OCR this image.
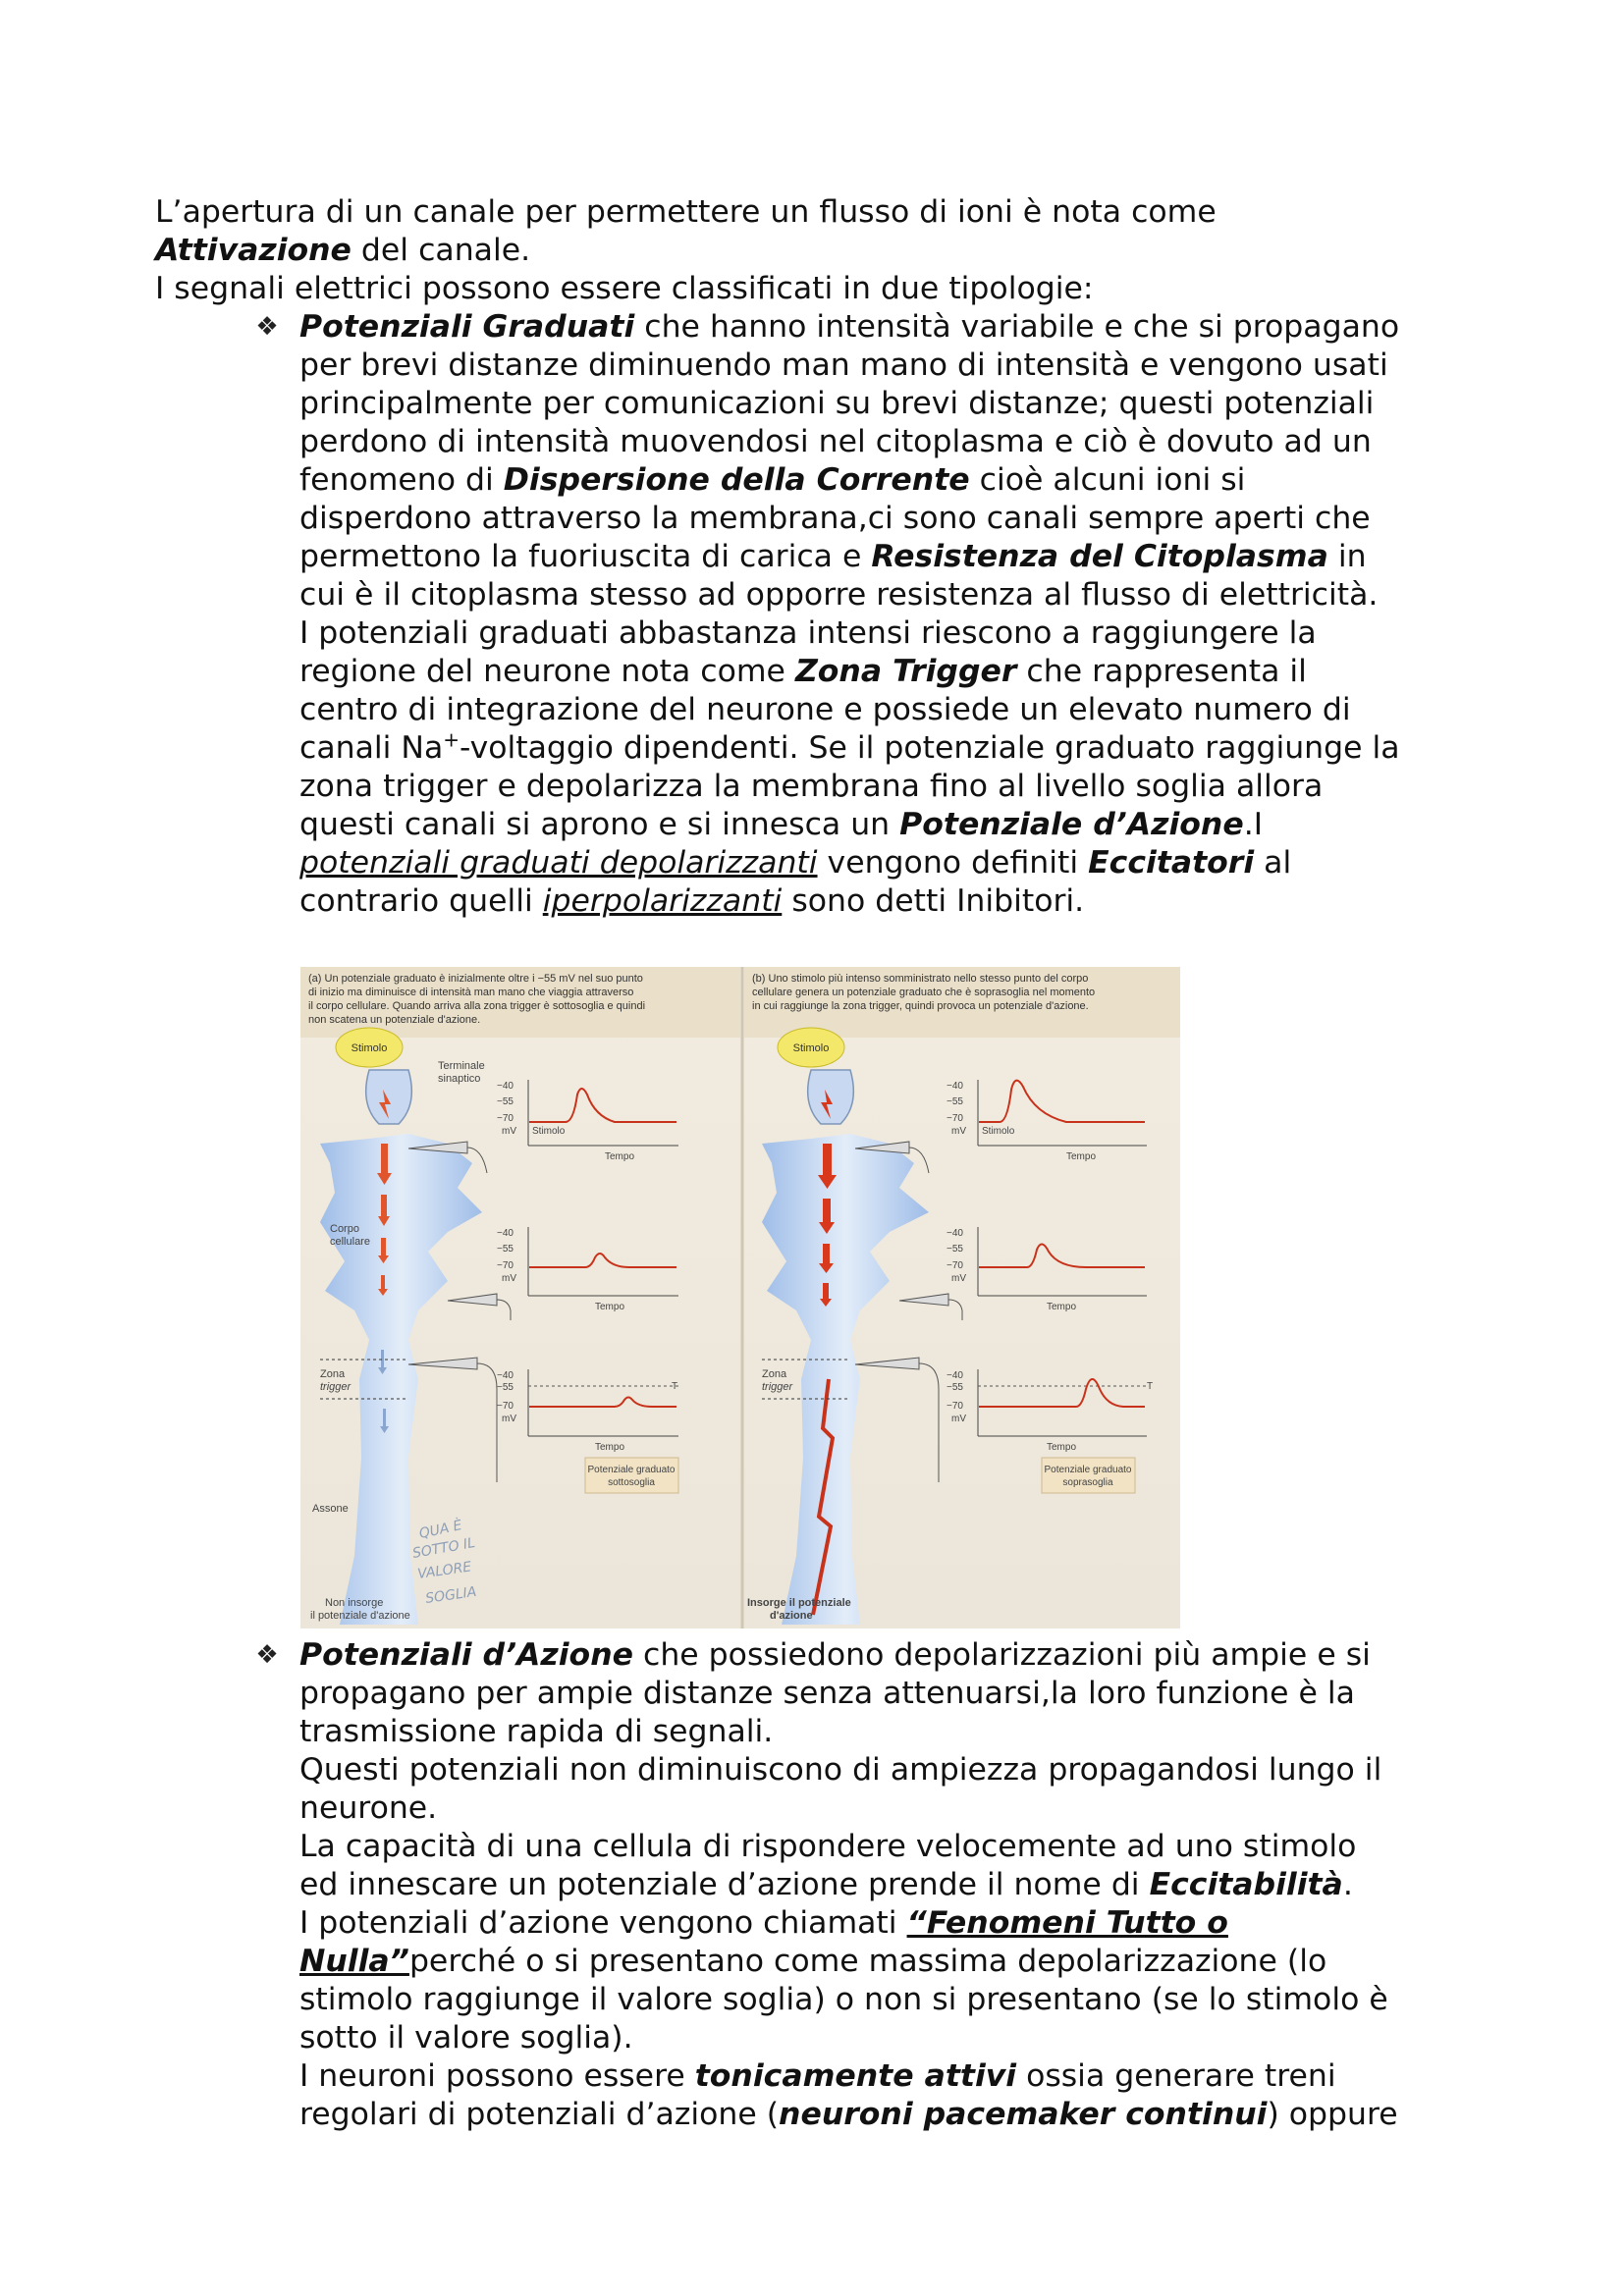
L’apertura di un canale per permettere un flusso di ioni è nota come

Attivazione del canale.

I segnali elettrici possono essere classificati in due tipologie:

❖ Potenziali Graduati che hanno intensità variabile e che si propagano

per brevi distanze diminuendo man mano di intensità e vengono usati

principalmente per comunicazioni su brevi distanze; questi potenziali

perdono di intensità muovendosi nel citoplasma e ciò è dovuto ad un

fenomeno di Dispersione della Corrente cioè alcuni ioni si

disperdono attraverso la membrana,ci sono canali sempre aperti che

permettono la fuoriuscita di carica e Resistenza del Citoplasma in

cui è il citoplasma stesso ad opporre resistenza al flusso di elettricità.

I potenziali graduati abbastanza intensi riescono a raggiungere la

regione del neurone nota come Zona Trigger che rappresenta il

centro di integrazione del neurone e possiede un elevato numero di

canali Na+-voltaggio dipendenti. Se il potenziale graduato raggiunge la

zona trigger e depolarizza la membrana fino al livello soglia allora

questi canali si aprono e si innesca un Potenziale d’Azione.I

potenziali graduati depolarizzanti vengono definiti Eccitatori al

contrario quelli iperpolarizzanti sono detti Inibitori.

(a) Un potenziale graduato è inizialmente oltre i −55 mV nel suo punto
di inizio ma diminuisce di intensità man mano che viaggia attraverso
il corpo cellulare. Quando arriva alla zona trigger è sottosoglia e quindi
non scatena un potenziale d'azione.
(b) Uno stimolo più intenso somministrato nello stesso punto del corpo
cellulare genera un potenziale graduato che è soprasoglia nel momento
in cui raggiunge la zona trigger, quindi provoca un potenziale d'azione.
Stimolo
Terminale
sinaptico
Corpo
cellulare
Zona
trigger
Assone
Non insorge
il potenziale d'azione
Stimolo
Zona
trigger
Insorge il potenziale
d'azione
−40
−55
−70
mV Stimolo
Tempo
−40
−55
−70
mV
Tempo
−40
−55
−70
mV
T
Tempo
Potenziale graduato
sottosoglia
−40
−55
−70
mV Stimolo
Tempo
−40
−55
−70
mV
Tempo
−40
−55
−70
mV
T
Tempo
Potenziale graduato
soprasoglia
QUA È
SOTTO IL
VALORE
SOGLIA
❖ Potenziali d’Azione che possiedono depolarizzazioni più ampie e si

propagano per ampie distanze senza attenuarsi,la loro funzione è la

trasmissione rapida di segnali.

Questi potenziali non diminuiscono di ampiezza propagandosi lungo il

neurone.

La capacità di una cellula di rispondere velocemente ad uno stimolo

ed innescare un potenziale d’azione prende il nome di Eccitabilità.

I potenziali d’azione vengono chiamati “Fenomeni Tutto o

Nulla”perché o si presentano come massima depolarizzazione (lo

stimolo raggiunge il valore soglia) o non si presentano (se lo stimolo è

sotto il valore soglia).

I neuroni possono essere tonicamente attivi ossia generare treni

regolari di potenziali d’azione (neuroni pacemaker continui) oppure
